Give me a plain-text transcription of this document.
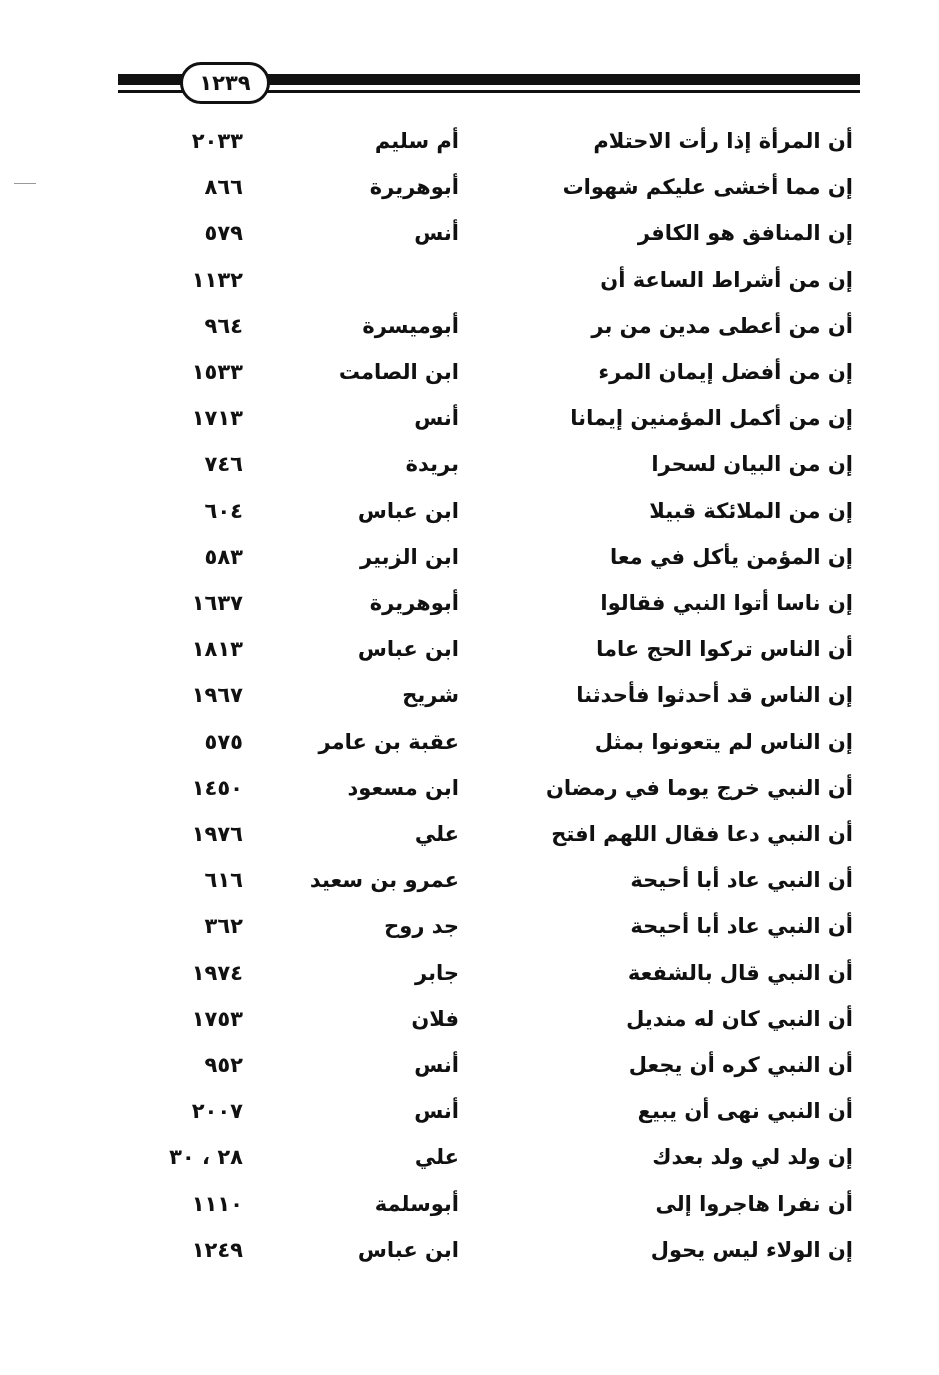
١٢٣٩
أن المرأة إذا رأت الاحتلام
أم سليم
٢٠٣٣
إن مما أخشى عليكم شهوات
أبوهريرة
٨٦٦
إن المنافق هو الكافر
أنس
٥٧٩
إن من أشراط الساعة أن
١١٣٢
أن من أعطى مدين من بر
أبوميسرة
٩٦٤
إن من أفضل إيمان المرء
ابن الصامت
١٥٣٣
إن من أكمل المؤمنين إيمانا
أنس
١٧١٣
إن من البيان لسحرا
بريدة
٧٤٦
إن من الملائكة قبيلا
ابن عباس
٦٠٤
إن المؤمن يأكل في معا
ابن الزبير
٥٨٣
إن ناسا أتوا النبي فقالوا
أبوهريرة
١٦٣٧
أن الناس تركوا الحج عاما
ابن عباس
١٨١٣
إن الناس قد أحدثوا فأحدثنا
شريح
١٩٦٧
إن الناس لم يتعونوا بمثل
عقبة بن عامر
٥٧٥
أن النبي خرج يوما في رمضان
ابن مسعود
١٤٥٠
أن النبي دعا فقال اللهم افتح
علي
١٩٧٦
أن النبي عاد أبا أحيحة
عمرو بن سعيد
٦١٦
أن النبي عاد أبا أحيحة
جد روح
٣٦٢
أن النبي قال بالشفعة
جابر
١٩٧٤
أن النبي كان له منديل
فلان
١٧٥٣
أن النبي كره أن يجعل
أنس
٩٥٢
أن النبي نهى أن يبيع
أنس
٢٠٠٧
إن ولد لي ولد بعدك
علي
٢٨ ، ٣٠
أن نفرا هاجروا إلى
أبوسلمة
١١١٠
إن الولاء ليس يحول
ابن عباس
١٢٤٩
